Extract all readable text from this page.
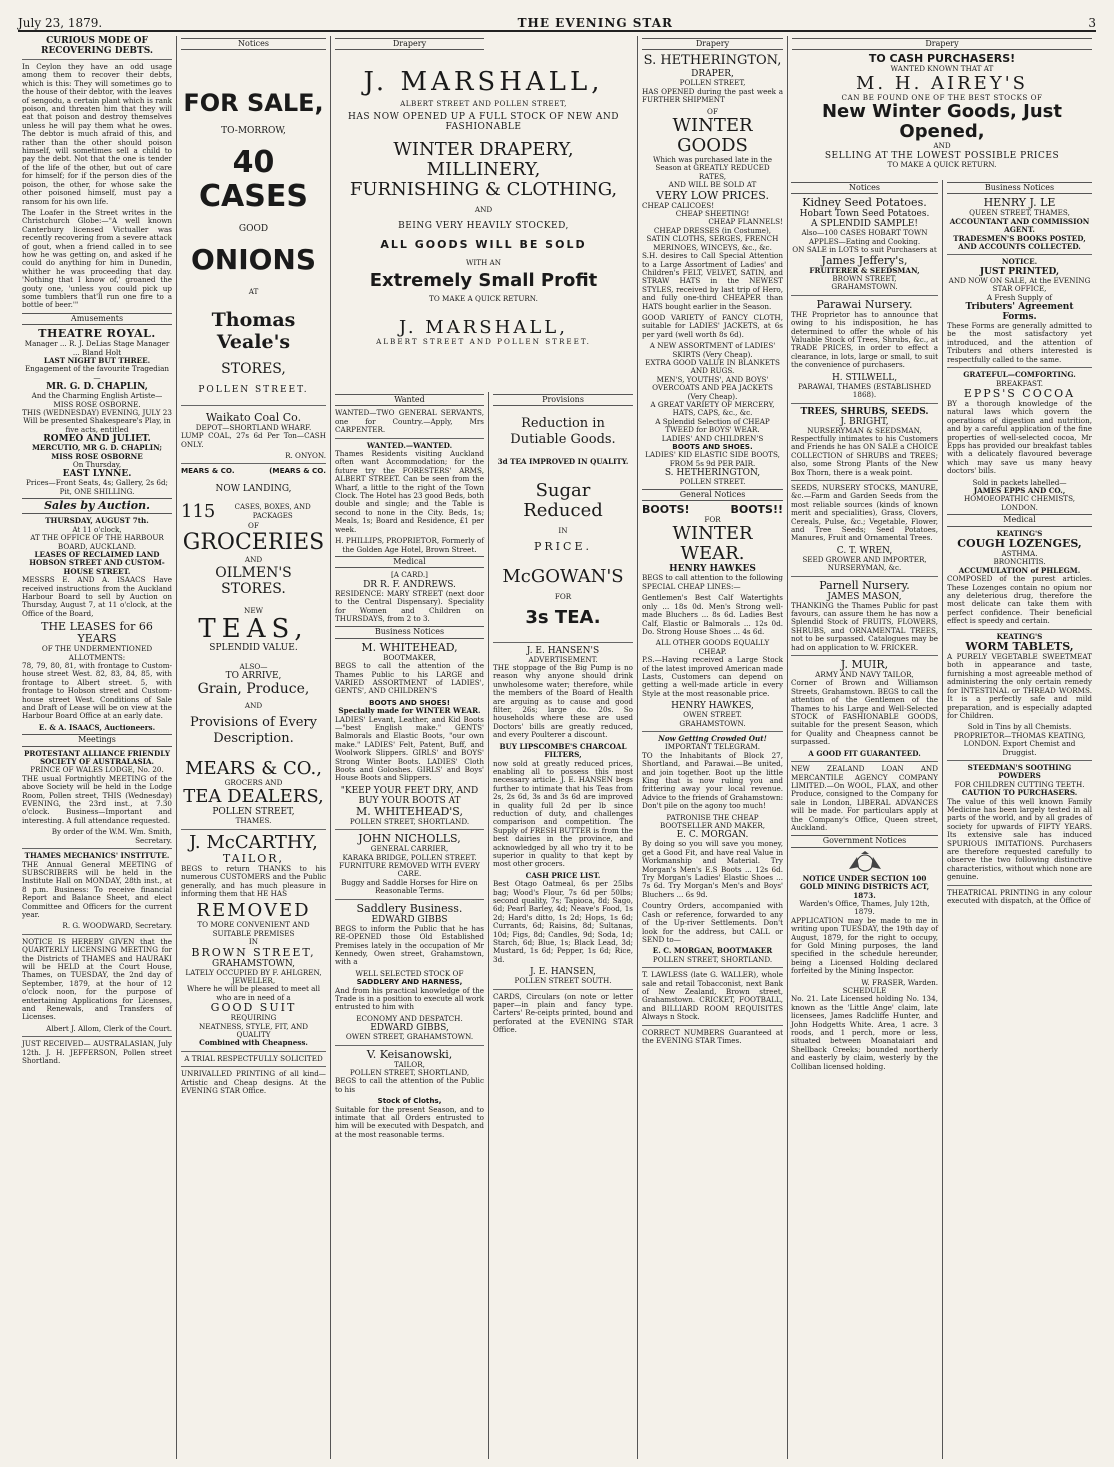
July 23, 1879.	THE EVENING STAR	3
CURIOUS MODE OF RECOVERING DEBTS.

In Ceylon they have an odd usage among them to recover their debts, which is this: They will sometimes go to the house of their debtor, with the leaves of sengodu, a certain plant which is rank poison, and threaten him that they will eat that poison and destroy themselves unless he will pay them what he owes. The debtor is much afraid of this, and rather than the other should poison himself, will sometimes sell a child to pay the debt. Not that the one is tender of the life of the other, but out of care for himself; for if the person dies of the poison, the other, for whose sake the other poisoned himself, must pay a ransom for his own life.

The Loafer in the Street writes in the Christchurch Globe:—"A well known Canterbury licensed Victualler was recently recovering from a severe attack of gout, when a friend called in to see how he was getting on, and asked if he could do anything for him in Dunedin, whither he was proceeding that day. 'Nothing that I know of,' groaned the gouty one, 'unless you could pick up some tumblers that'll run one fire to a bottle of beer.'"

Amusements
THEATRE ROYAL.
Manager ... R. J. DeLias Stage Manager ... Bland Holt
LAST NIGHT BUT THREE.
Engagement of the favourite Tragedian—
MR. G. D. CHAPLIN,
And the Charming English Artiste— MISS ROSE OSBORNE.
THIS (WEDNESDAY) EVENING, JULY 23 Will be presented Shakespeare's Play, in five acts, entitled
ROMEO AND JULIET.
MERCUTIO, MR G. D. CHAPLIN; MISS ROSE OSBORNE
On Thursday,
EAST LYNNE.
Prices—Front Seats, 4s; Gallery, 2s 6d; Pit, ONE SHILLING.
Sales by Auction.
THURSDAY, AUGUST 7th.
At 11 o'clock,
AT THE OFFICE OF THE HARBOUR BOARD, AUCKLAND.
LEASES OF RECLAIMED LAND HOBSON STREET AND CUSTOM-HOUSE STREET.

MESSRS E. AND A. ISAACS Have received instructions from the Auckland Harbour Board to sell by Auction on Thursday, August 7, at 11 o'clock, at the Office of the Board,

THE LEASES for 66 YEARS
OF THE UNDERMENTIONED ALLOTMENTS:

78, 79, 80, 81, with frontage to Custom-house street West. 82, 83, 84, 85, with frontage to Albert street. 5, with frontage to Hobson street and Custom-house street West. Conditions of Sale and Draft of Lease will be on view at the Harbour Board Office at an early date.

E. & A. ISAACS, Auctioneers.
Meetings
PROTESTANT ALLIANCE FRIENDLY SOCIETY OF AUSTRALASIA.
PRINCE OF WALES LODGE, No. 20.

THE usual Fortnightly MEETING of the above Society will be held in the Lodge Room, Pollen street, THIS (Wednesday) EVENING, the 23rd inst., at 7.30 o'clock. Business—Important and interesting. A full attendance requested.

By order of the W.M. Wm. Smith, Secretary.
THAMES MECHANICS' INSTITUTE.

THE Annual General MEETING of SUBSCRIBERS will be held in the Institute Hall on MONDAY, 28th inst., at 8 p.m. Business: To receive financial Report and Balance Sheet, and elect Committee and Officers for the current year.

R. G. WOODWARD, Secretary.

NOTICE IS HEREBY GIVEN that the QUARTERLY LICENSING MEETING for the Districts of THAMES and HAURAKI will be HELD at the Court House, Thames, on TUESDAY, the 2nd day of September, 1879, at the hour of 12 o'clock noon, for the purpose of entertaining Applications for Licenses, and Renewals, and Transfers of Licenses.

Albert J. Allom, Clerk of the Court.

JUST RECEIVED— AUSTRALASIAN, July 12th. J. H. JEFFERSON, Pollen street Shortland.

Notices
FOR SALE,
TO-MORROW,
40 CASES
GOOD
ONIONS
AT
Thomas Veale's
STORES,
POLLEN STREET.
Waikato Coal Co.
DEPOT—SHORTLAND WHARF.

LUMP COAL, 27s 6d Per Ton—CASH ONLY.

R. ONYON.
MEARS & CO.	(MEARS & CO.
NOW LANDING,
115	CASES, BOXES, AND PACKAGES
OF
GROCERIES
AND
OILMEN'S STORES.
NEW
TEAS,
SPLENDID VALUE.
ALSO—
TO ARRIVE,
Grain, Produce,
AND
Provisions of Every
Description.
MEARS & CO.,
GROCERS AND
TEA DEALERS,
POLLEN STREET,
THAMES.
J. McCARTHY,
TAILOR,

BEGS to return THANKS to his numerous CUSTOMERS and the Public generally, and has much pleasure in informing them that HE HAS

REMOVED
TO MORE CONVENIENT AND SUITABLE PREMISES
IN
BROWN STREET,
GRAHAMSTOWN,
LATELY OCCUPIED BY F. AHLGREN, JEWELLER,
Where he will be pleased to meet all who are in need of a
GOOD SUIT
REQUIRING
NEATNESS, STYLE, FIT, AND QUALITY
Combined with Cheapness.
A TRIAL RESPECTFULLY SOLICITED

UNRIVALLED PRINTING of all kind—Artistic and Cheap designs. At the EVENING STAR Office.

Drapery
J. MARSHALL,
ALBERT STREET AND POLLEN STREET,
HAS NOW OPENED UP A FULL STOCK OF NEW AND FASHIONABLE
WINTER DRAPERY, MILLINERY,
FURNISHING & CLOTHING,
AND
BEING VERY HEAVILY STOCKED,
ALL GOODS WILL BE SOLD
WITH AN
Extremely Small Profit
TO MAKE A QUICK RETURN.
J. MARSHALL,
ALBERT STREET AND POLLEN STREET.
Wanted

WANTED—TWO GENERAL SERVANTS, one for Country.—Apply, Mrs CARPENTER.

WANTED.—WANTED.

Thames Residents visiting Auckland often want Accommodation; for the future try the FORESTERS' ARMS, ALBERT STREET. Can be seen from the Wharf, a little to the right of the Town Clock. The Hotel has 23 good Beds, both double and single; and the Table is second to none in the City. Beds, 1s; Meals, 1s; Board and Residence, £1 per week.

H. PHILLIPS, PROPRIETOR, Formerly of the Golden Age Hotel, Brown Street.
Medical
[A CARD.]
DR R. F. ANDREWS.

RESIDENCE: MARY STREET (next door to the Central Dispensary). Speciality for Women and Children on THURSDAYS, from 2 to 3.

Business Notices
M. WHITEHEAD,
BOOTMAKER,

BEGS to call the attention of the Thames Public to his LARGE and VARIED ASSORTMENT of LADIES', GENTS', AND CHILDREN'S

BOOTS AND SHOES!
Specially made for WINTER WEAR.

LADIES' Levant, Leather, and Kid Boots—"best English make." GENTS' Balmorals and Elastic Boots, "our own make." LADIES' Felt, Patent, Buff, and Woolwork Slippers. GIRLS' and BOYS' Strong Winter Boots. LADIES' Cloth Boots and Goloshes. GIRLS' and Boys' House Boots and Slippers.

"KEEP YOUR FEET DRY, AND BUY YOUR BOOTS AT
M. WHITEHEAD'S,
POLLEN STREET, SHORTLAND.
JOHN NICHOLLS,
GENERAL CARRIER,
KARAKA BRIDGE, POLLEN STREET.
FURNITURE REMOVED WITH EVERY CARE.
Buggy and Saddle Horses for Hire on Reasonable Terms.
Saddlery Business.
EDWARD GIBBS

BEGS to inform the Public that he has RE-OPENED those Old Established Premises lately in the occupation of Mr Kennedy, Owen street, Grahamstown, with a

WELL SELECTED STOCK OF
SADDLERY AND HARNESS,

And from his practical knowledge of the Trade is in a position to execute all work entrusted to him with

ECONOMY AND DESPATCH.
EDWARD GIBBS,
OWEN STREET, GRAHAMSTOWN.
V. Keisanowski,
TAILOR,
POLLEN STREET, SHORTLAND,

BEGS to call the attention of the Public to his

Stock of Cloths,

Suitable for the present Season, and to intimate that all Orders entrusted to him will be executed with Despatch, and at the most reasonable terms.

Provisions
Reduction in Dutiable Goods.
3d TEA IMPROVED IN QUALITY.
Sugar Reduced
IN
PRICE.
McGOWAN'S
FOR
3s TEA.
J. E. HANSEN'S
ADVERTISEMENT.

THE stoppage of the Big Pump is no reason why anyone should drink unwholesome water; therefore, while the members of the Board of Health are arguing as to cause and good filter, 26s; large do. 20s. So households where these are used Doctors' bills are greatly reduced, and every Poulterer a discount.

BUY LIPSCOMBE'S CHARCOAL FILTERS,

now sold at greatly reduced prices, enabling all to possess this most necessary article. J. E. HANSEN begs further to intimate that his Teas from 2s, 2s 6d, 3s and 3s 6d are improved in quality full 2d per lb since reduction of duty, and challenges comparison and competition. The Supply of FRESH BUTTER is from the best dairies in the province, and acknowledged by all who try it to be superior in quality to that kept by most other grocers.

CASH PRICE LIST.

Best Otago Oatmeal, 6s per 25lbs bag; Wood's Flour, 7s 6d per 50lbs; second quality, 7s; Tapioca, 8d; Sago, 6d; Pearl Barley, 4d; Neave's Food, 1s 2d; Hard's ditto, 1s 2d; Hops, 1s 6d; Currants, 6d; Raisins, 8d; Sultanas, 10d; Figs, 8d; Candles, 9d; Soda, 1d; Starch, 6d; Blue, 1s; Black Lead, 3d; Mustard, 1s 6d; Pepper, 1s 6d; Rice, 3d.

J. E. HANSEN,
POLLEN STREET SOUTH.

CARDS, Circulars (on note or letter paper—in plain and fancy type. Carters' Re-ceipts printed, bound and perforated at the EVENING STAR Office.

Drapery
S. HETHERINGTON,
DRAPER,
POLLEN STREET,

HAS OPENED during the past week a FURTHER SHIPMENT

OF
WINTER GOODS
Which was purchased late in the Season at GREATLY REDUCED RATES,
AND WILL BE SOLD AT
VERY LOW PRICES.
CHEAP CALICOES!
CHEAP SHEETING!
CHEAP FLANNELS!
CHEAP DRESSES (in Costume),
SATIN CLOTHS, SERGES, FRENCH MERINOES, WINCEYS, &c., &c.

S.H. desires to Call Special Attention to a Large Assortment of Ladies' and Children's FELT, VELVET, SATIN, and STRAW HATS in the NEWEST STYLES, received by last trip of Hero, and fully one-third CHEAPER than HATS bought earlier in the Season.

GOOD VARIETY of FANCY CLOTH, suitable for LADIES' JACKETS, at 6s per yard (well worth 8s 6d).

A NEW ASSORTMENT of LADIES' SKIRTS (Very Cheap).
EXTRA GOOD VALUE IN BLANKETS AND RUGS.
MEN'S, YOUTHS', AND BOYS' OVERCOATS AND PEA JACKETS (Very Cheap).
A GREAT VARIETY OF MERCERY, HATS, CAPS, &c., &c.
A Splendid Selection of CHEAP TWEED for BOYS' WEAR.
LADIES' AND CHILDREN'S
BOOTS AND SHOES.
LADIES' KID ELASTIC SIDE BOOTS, FROM 5s 9d PER PAIR.
S. HETHERINGTON,
POLLEN STREET.
General Notices
BOOTS!	BOOTS!!
FOR
WINTER WEAR.
HENRY HAWKES

BEGS to call attention to the following SPECIAL CHEAP LINES:—

Gentlemen's Best Calf Watertights only ... 18s 0d. Men's Strong well-made Bluchers ... 8s 6d. Ladies Best Calf, Elastic or Balmorals ... 12s 0d. Do. Strong House Shoes ... 4s 6d.

ALL OTHER GOODS EQUALLY CHEAP.

P.S.—Having received a Large Stock of the latest improved American made Lasts, Customers can depend on getting a well-made article in every Style at the most reasonable price.

HENRY HAWKES,
OWEN STREET.
GRAHAMSTOWN.
Now Getting Crowded Out!
IMPORTANT TELEGRAM.

TO the Inhabitants of Block 27, Shortland, and Parawai.—Be united, and join together. Boot up the little King that is now ruling you and frittering away your local revenue. Advice to the friends of Grahamstown: Don't pile on the agony too much!

PATRONISE THE CHEAP BOOTSELLER AND MAKER,
E. C. MORGAN.

By doing so you will save you money, get a Good Fit, and have real Value in Workmanship and Material. Try Morgan's Men's E.S Boots ... 12s 6d. Try Morgan's Ladies' Elastic Shoes ... 7s 6d. Try Morgan's Men's and Boys' Bluchers ... 6s 9d.

Country Orders, accompanied with Cash or reference, forwarded to any of the Up-river Settlements. Don't look for the address, but CALL or SEND to—

E. C. MORGAN, BOOTMAKER
POLLEN STREET, SHORTLAND.

T. LAWLESS (late G. WALLER), whole sale and retail Tobacconist, next Bank of New Zealand, Brown street, Grahamstown. CRICKET, FOOTBALL, and BILLIARD ROOM REQUISITES Always n Stock.

CORRECT NUMBERS Guaranteed at the EVENING STAR Times.

Drapery
TO CASH PURCHASERS!
WANTED KNOWN THAT AT
M. H. AIREY'S
CAN BE FOUND ONE OF THE BEST STOCKS OF
New Winter Goods, Just Opened,
AND
SELLING AT THE LOWEST POSSIBLE PRICES
TO MAKE A QUICK RETURN.
Notices
Kidney Seed Potatoes.
Hobart Town Seed Potatoes.
A SPLENDID SAMPLE!
Also—100 CASES HOBART TOWN APPLES—Eating and Cooking.
ON SALE in LOTS to suit Purchasers at
James Jeffery's,
FRUITERER & SEEDSMAN,
BROWN STREET,
GRAHAMSTOWN.
Parawai Nursery.

THE Proprietor has to announce that owing to his indisposition, he has determined to offer the whole of his Valuable Stock of Trees, Shrubs, &c., at TRADE PRICES, in order to effect a clearance, in lots, large or small, to suit the convenience of purchasers.

H. STILWELL,
PARAWAI, THAMES (ESTABLISHED 1868).
TREES, SHRUBS, SEEDS.
J. BRIGHT,
NURSERYMAN & SEEDSMAN,

Respectfully intimates to his Customers and Friends he has ON SALE a CHOICE COLLECTION of SHRUBS and TREES; also, some Strong Plants of the New Box Thorn, there is a weak point.

SEEDS, NURSERY STOCKS, MANURE, &c.—Farm and Garden Seeds from the most reliable sources (kinds of known merit and specialities), Grass, Clovers, Cereals, Pulse, &c.; Vegetable, Flower, and Tree Seeds; Seed Potatoes, Manures, Fruit and Ornamental Trees.

C. T. WREN,
SEED GROWER AND IMPORTER, NURSERYMAN, &c.
Parnell Nursery.
JAMES MASON,

THANKING the Thames Public for past favours, can assure them he has now a Splendid Stock of FRUITS, FLOWERS, SHRUBS, and ORNAMENTAL TREES, not to be surpassed. Catalogues may be had on application to W. FRICKER.

J. MUIR,
ARMY AND NAVY TAILOR,

Corner of Brown and Williamson Streets, Grahamstown. BEGS to call the attention of the Gentlemen of the Thames to his Large and Well-Selected STOCK of FASHIONABLE GOODS, suitable for the present Season, which for Quality and Cheapness cannot be surpassed.

A GOOD FIT GUARANTEED.

NEW ZEALAND LOAN AND MERCANTILE AGENCY COMPANY LIMITED.—On WOOL, FLAX, and other Produce, consigned to the Company for sale in London, LIBERAL ADVANCES will be made. For particulars apply at the Company's Office, Queen street, Auckland.

Government Notices
NOTICE UNDER SECTION 100 GOLD MINING DISTRICTS ACT, 1873.
Warden's Office, Thames, July 12th, 1879.

APPLICATION may be made to me in writing upon TUESDAY, the 19th day of August, 1879, for the right to occupy, for Gold Mining purposes, the land specified in the schedule hereunder, being a Licensed Holding declared forfeited by the Mining Inspector.

W. FRASER, Warden.
SCHEDULE

No. 21. Late Licensed holding No. 134, known as the 'Little Ange' claim, late licensees, James Radcliffe Hunter, and John Hodgetts White. Area, 1 acre. 3 roods, and 1 perch, more or less, situated between Moanataiari and Shellback Creeks; bounded northerly and easterly by claim, westerly by the Colliban licensed holding.

Business Notices
HENRY J. LE
QUEEN STREET, THAMES,
ACCOUNTANT AND COMMISSION AGENT.
TRADESMEN'S BOOKS POSTED, AND ACCOUNTS COLLECTED.
NOTICE.
JUST PRINTED,
AND NOW ON SALE, At the EVENING STAR OFFICE,
A Fresh Supply of
Tributers' Agreement Forms.

These Forms are generally admitted to be the most satisfactory yet introduced, and the attention of Tributers and others interested is respectfully called to the same.

GRATEFUL—COMFORTING.
BREAKFAST.
EPPS'S COCOA

BY a thorough knowledge of the natural laws which govern the operations of digestion and nutrition, and by a careful application of the fine properties of well-selected cocoa, Mr Epps has provided our breakfast tables with a delicately flavoured beverage which may save us many heavy doctors' bills.

Sold in packets labelled—
JAMES EPPS AND CO.,
HOMOEOPATHIC CHEMISTS,
LONDON.
Medical
KEATING'S
COUGH LOZENGES,
ASTHMA.
BRONCHITIS.
ACCUMULATION of PHLEGM.

COMPOSED of the purest articles. These Lozenges contain no opium nor any deleterious drug, therefore the most delicate can take them with perfect confidence. Their beneficial effect is speedy and certain.

KEATING'S
WORM TABLETS,

A PURELY VEGETABLE SWEETMEAT both in appearance and taste, furnishing a most agreeable method of administering the only certain remedy for INTESTINAL or THREAD WORMS. It is a perfectly safe and mild preparation, and is especially adapted for Children.

Sold in Tins by all Chemists.
PROPRIETOR—THOMAS KEATING, LONDON. Export Chemist and Druggist.
STEEDMAN'S SOOTHING POWDERS
FOR CHILDREN CUTTING TEETH.
CAUTION TO PURCHASERS.

The value of this well known Family Medicine has been largely tested in all parts of the world, and by all grades of society for upwards of FIFTY YEARS. Its extensive sale has induced SPURIOUS IMITATIONS. Purchasers are therefore requested carefully to observe the two following distinctive characteristics, without which none are genuine.

THEATRICAL PRINTING in any colour executed with dispatch, at the Office of
